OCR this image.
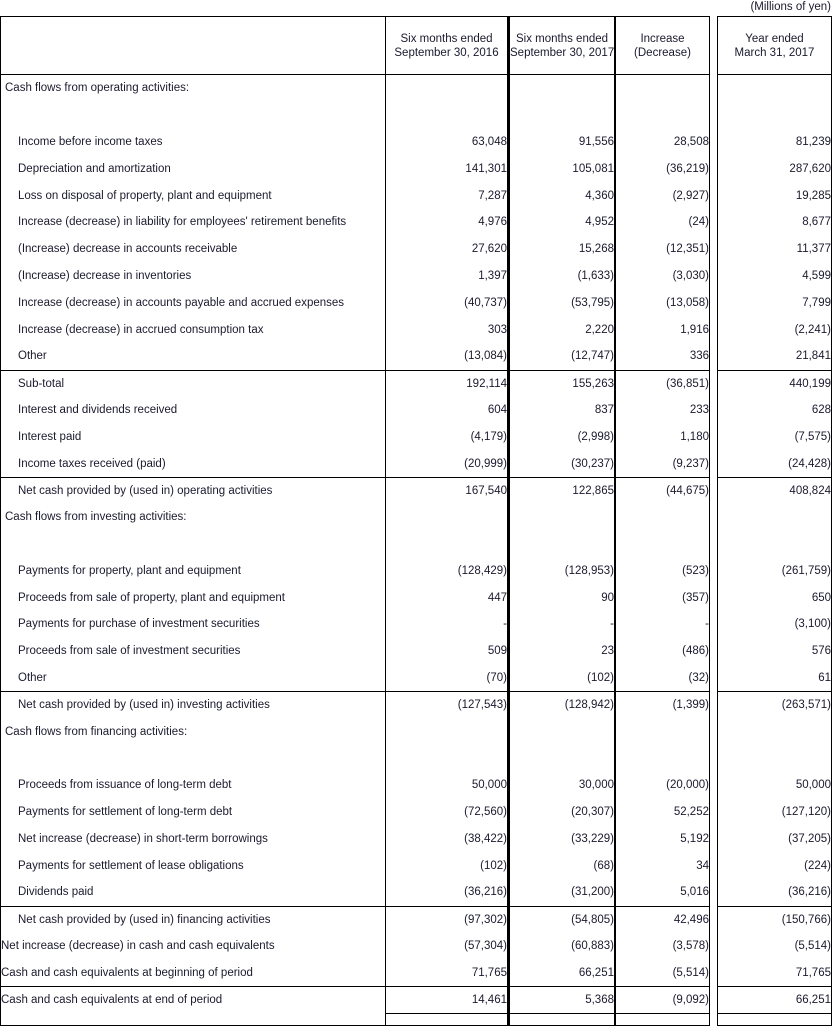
(Millions of yen)

Six months ended
September 30, 2016

Six months ended
September 30, 2017

Increase
(Decrease)

Year ended
March 31, 2017

Cash flows from operating activities:					

Income before income taxes	63,048	91,556	28,508		81,239
Depreciation and amortization	141,301	105,081	(36,219)		287,620
Loss on disposal of property, plant and equipment	7,287	4,360	(2,927)		19,285
Increase (decrease) in liability for employees' retirement benefits	4,976	4,952	(24)		8,677
(Increase) decrease in accounts receivable	27,620	15,268	(12,351)		11,377
(Increase) decrease in inventories	1,397	(1,633)	(3,030)		4,599
Increase (decrease) in accounts payable and accrued expenses	(40,737)	(53,795)	(13,058)		7,799
Increase (decrease) in accrued consumption tax	303	2,220	1,916		(2,241)
Other	(13,084)	(12,747)	336		21,841
Sub-total	192,114	155,263	(36,851)		440,199
Interest and dividends received	604	837	233		628
Interest paid	(4,179)	(2,998)	1,180		(7,575)
Income taxes received (paid)	(20,999)	(30,237)	(9,237)		(24,428)
Net cash provided by (used in) operating activities	167,540	122,865	(44,675)		408,824
Cash flows from investing activities:					

Payments for property, plant and equipment	(128,429)	(128,953)	(523)		(261,759)
Proceeds from sale of property, plant and equipment	447	90	(357)		650
Payments for purchase of investment securities	-	-	-		(3,100)
Proceeds from sale of investment securities	509	23	(486)		576
Other	(70)	(102)	(32)		61
Net cash provided by (used in) investing activities	(127,543)	(128,942)	(1,399)		(263,571)
Cash flows from financing activities:					

Proceeds from issuance of long-term debt	50,000	30,000	(20,000)		50,000
Payments for settlement of long-term debt	(72,560)	(20,307)	52,252		(127,120)
Net increase (decrease) in short-term borrowings	(38,422)	(33,229)	5,192		(37,205)
Payments for settlement of lease obligations	(102)	(68)	34		(224)
Dividends paid	(36,216)	(31,200)	5,016		(36,216)
Net cash provided by (used in) financing activities	(97,302)	(54,805)	42,496		(150,766)
Net increase (decrease) in cash and cash equivalents	(57,304)	(60,883)	(3,578)		(5,514)
Cash and cash equivalents at beginning of period	71,765	66,251	(5,514)		71,765
Cash and cash equivalents at end of period	14,461	5,368	(9,092)		66,251
